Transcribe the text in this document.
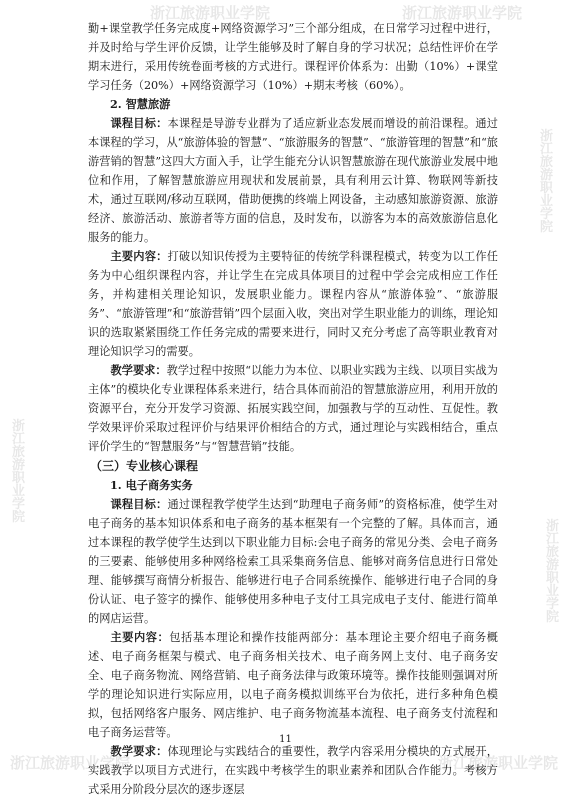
浙江旅游职业学院	浙江旅游职业学院
浙江旅游职业学院
浙江旅游职业学院
浙江旅游职业学院
浙江旅游职业学院	浙江旅游职业学院

勤+课堂教学任务完成度+网络资源学习”三个部分组成，在日常学习过程中进行，并及时给与学生评价反馈，让学生能够及时了解自身的学习状况；总结性评价在学期末进行，采用传统卷面考核的方式进行。课程评价体系为：出勤（10%）+课堂学习任务（20%）+网络资源学习（10%）+期末考核（60%）。

2. 智慧旅游

课程目标：本课程是导游专业群为了适应新业态发展而增设的前沿课程。通过本课程的学习，从“旅游体验的智慧”、“旅游服务的智慧”、“旅游管理的智慧”和“旅游营销的智慧”这四大方面入手，让学生能充分认识智慧旅游在现代旅游业发展中地位和作用，了解智慧旅游应用现状和发展前景，具有利用云计算、物联网等新技术，通过互联网/移动互联网，借助便携的终端上网设备，主动感知旅游资源、旅游经济、旅游活动、旅游者等方面的信息，及时发布，以游客为本的高效旅游信息化服务的能力。

主要内容：打破以知识传授为主要特征的传统学科课程模式，转变为以工作任务为中心组织课程内容，并让学生在完成具体项目的过程中学会完成相应工作任务，并构建相关理论知识，发展职业能力。课程内容从“旅游体验”、“旅游服务”、“旅游管理”和“旅游营销”四个层面入收，突出对学生职业能力的训练，理论知识的选取紧紧围绕工作任务完成的需要来进行，同时又充分考虑了高等职业教育对理论知识学习的需要。

教学要求：教学过程中按照“以能力为本位、以职业实践为主线、以项目实战为主体”的模块化专业课程体系来进行，结合具体而前沿的智慧旅游应用，利用开放的资源平台，充分开发学习资源、拓展实践空间，加强教与学的互动性、互促性。教学效果评价采取过程评价与结果评价相结合的方式，通过理论与实践相结合，重点评价学生的“智慧服务”与“智慧营销”技能。

（三）专业核心课程
1. 电子商务实务

课程目标：通过课程教学使学生达到“助理电子商务师”的资格标准，使学生对电子商务的基本知识体系和电子商务的基本框架有一个完整的了解。具体而言，通过本课程的教学使学生达到以下职业能力目标:会电子商务的常见分类、会电子商务的三要素、能够使用多种网络检索工具采集商务信息、能够对商务信息进行日常处理、能够撰写商情分析报告、能够进行电子合同系统操作、能够进行电子合同的身份认证、电子签字的操作、能够使用多种电子支付工具完成电子支付、能进行简单的网店运营。

主要内容：包括基本理论和操作技能两部分：基本理论主要介绍电子商务概述、电子商务框架与模式、电子商务相关技术、电子商务网上支付、电子商务安全、电子商务物流、网络营销、电子商务法律与政策环境等。操作技能则强调对所学的理论知识进行实际应用，以电子商务模拟训练平台为依托，进行多种角色模拟，包括网络客户服务、网店维护、电子商务物流基本流程、电子商务支付流程和电子商务运营等。

教学要求：体现理论与实践结合的重要性，教学内容采用分模块的方式展开，实践教学以项目方式进行，在实践中考核学生的职业素养和团队合作能力。考核方式采用分阶段分层次的逐步逐层

11
